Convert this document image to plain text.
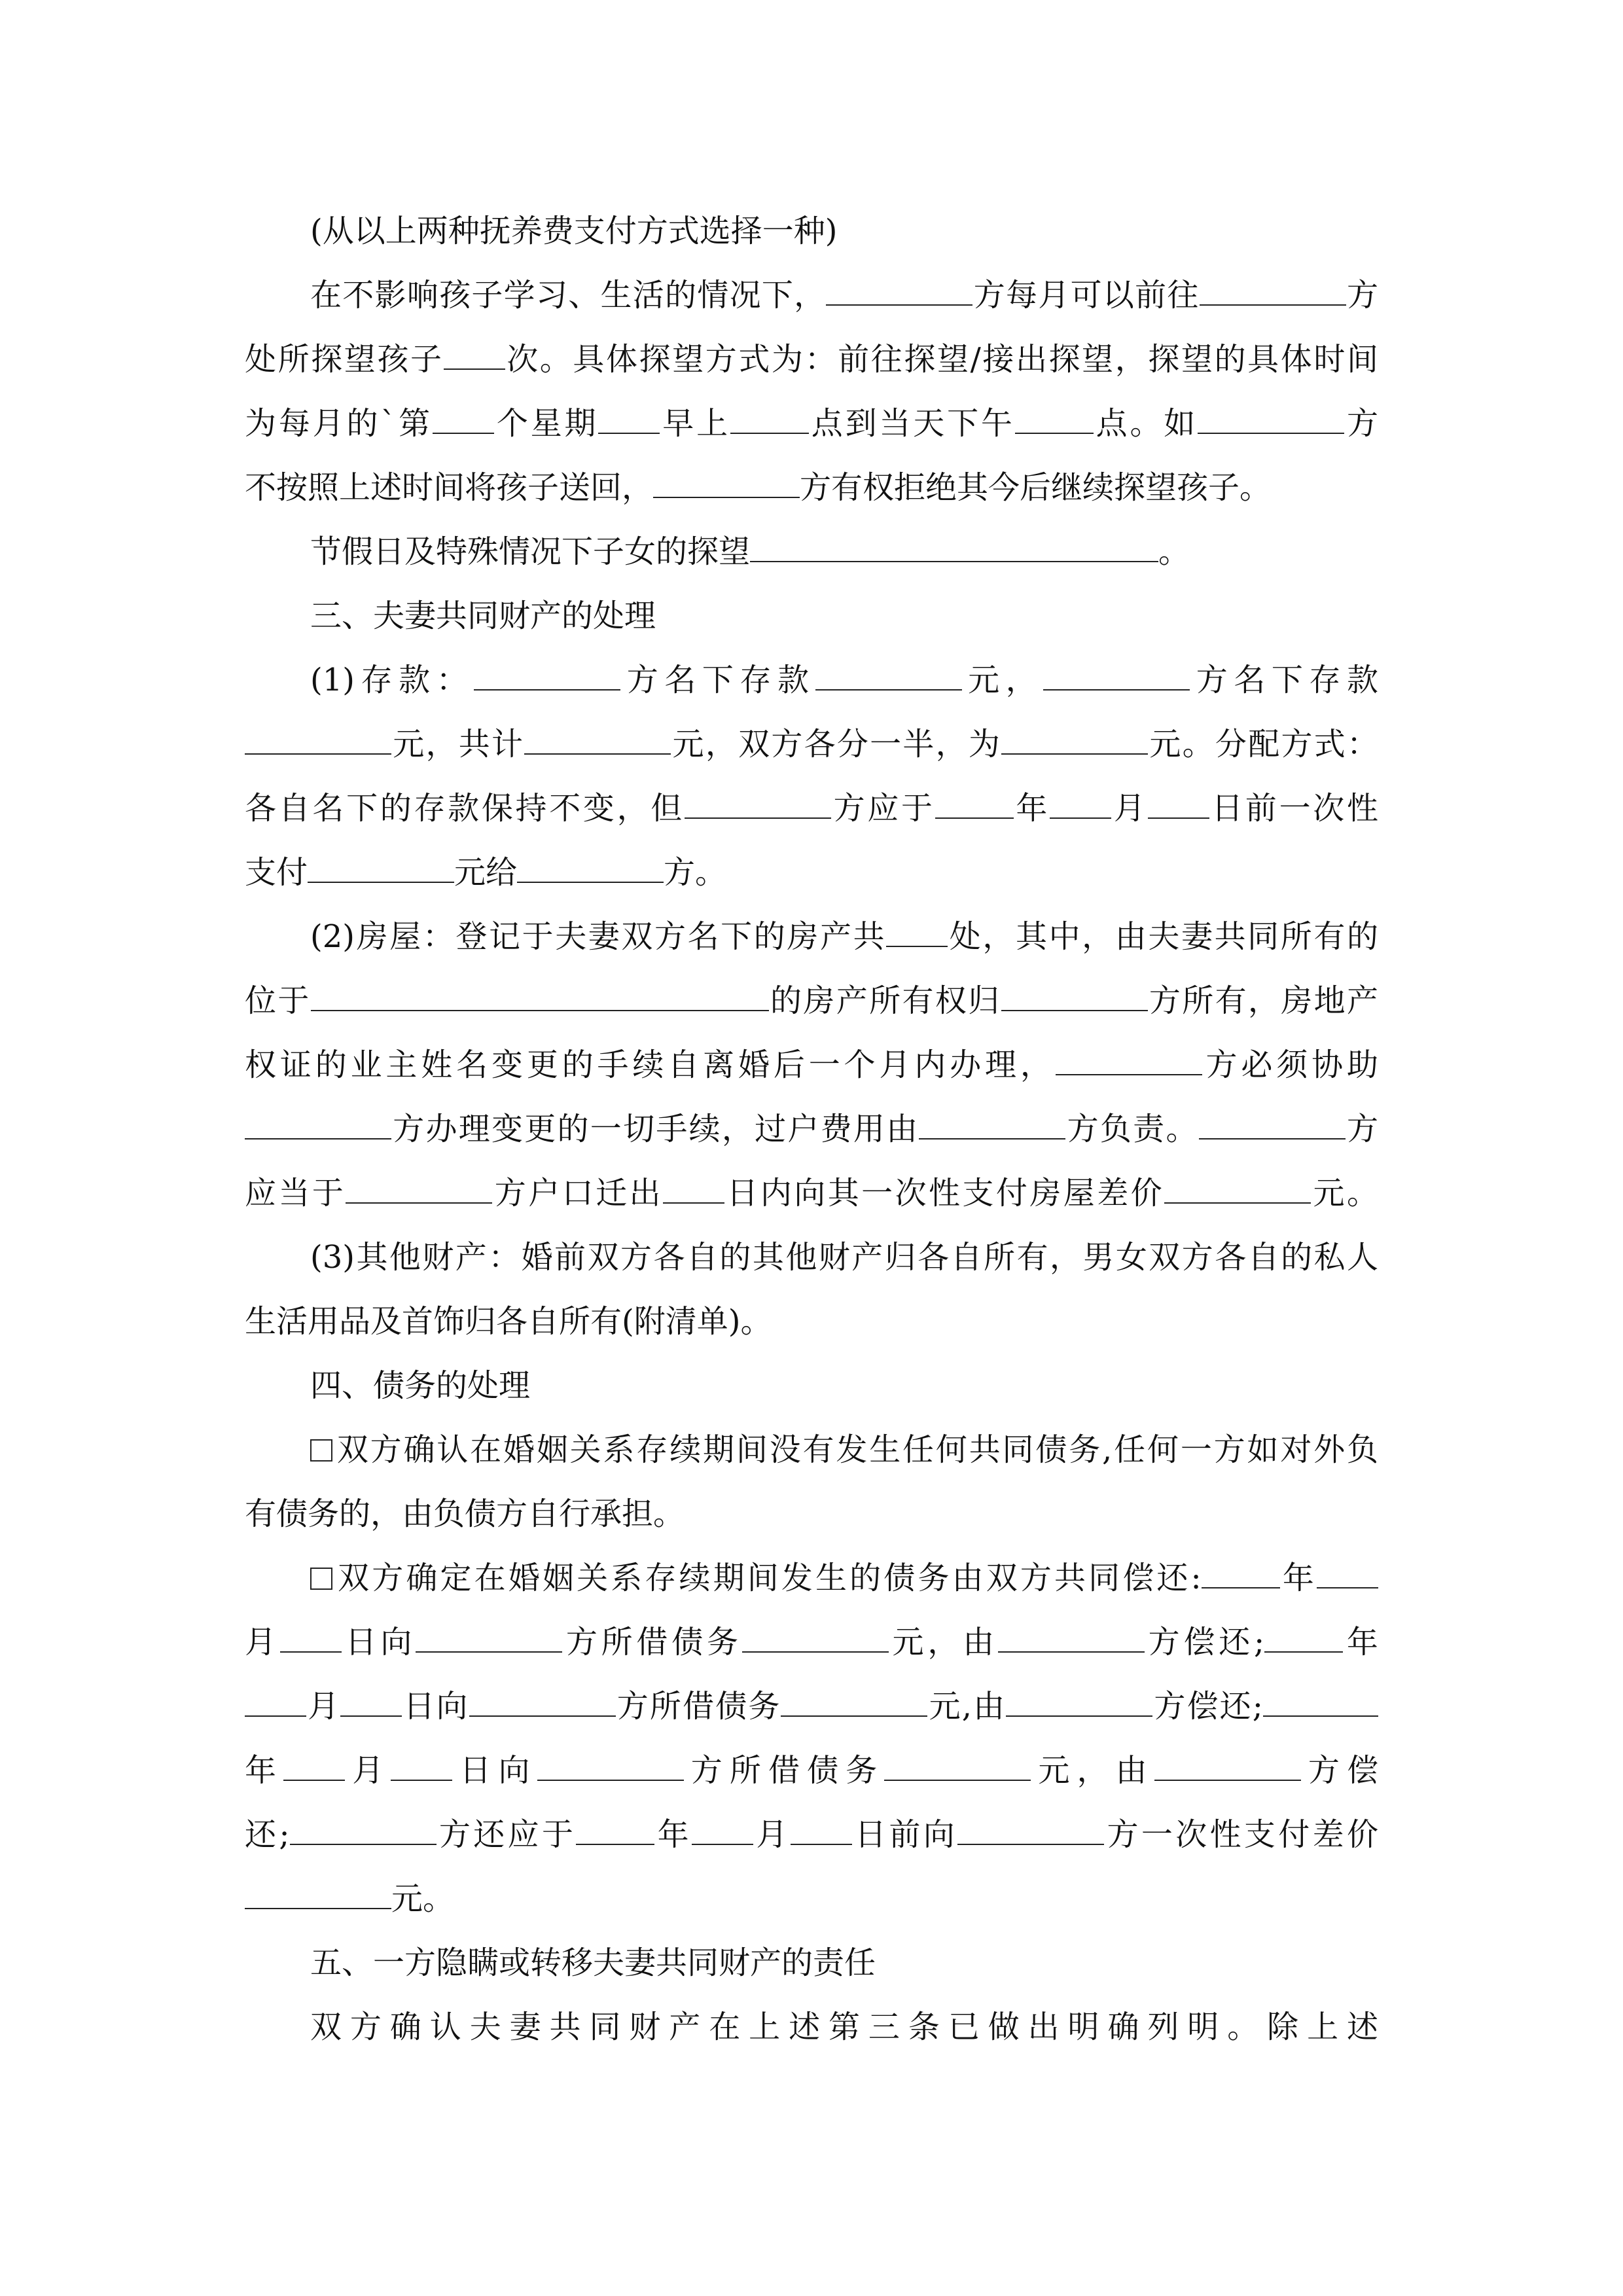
(从以上两种抚养费支付方式选择一种)
在不影响孩子学习、生活的情况下，	方每月可以前往	方
处所探望孩子 次。具体探望方式为：前往探望/接出探望，探望的具体时间
为每月的`第 个星期 早上	点到当天下午	点。如	方
不按照上述时间将孩子送回，	方有权拒绝其今后继续探望孩子。
节假日及特殊情况下子女的探望	。
三、夫妻共同财产的处理
(1)存款：	方名下存款	元，	方名下存款
元，共计	元，双方各分一半，为	元。分配方式：
各自名下的存款保持不变，但	方应于	年 月 日前一次性
支付	元给	方。
(2)房屋：登记于夫妻双方名下的房产共 处，其中，由夫妻共同所有的
位于	的房产所有权归	方所有，房地产
权证的业主姓名变更的手续自离婚后一个月内办理，	方必须协助
方办理变更的一切手续，过户费用由	方负责。	方
应当于	方户口迁出 日内向其一次性支付房屋差价	元。
(3)其他财产：婚前双方各自的其他财产归各自所有，男女双方各自的私人
生活用品及首饰归各自所有(附清单)。
四、债务的处理
双方确认在婚姻关系存续期间没有发生任何共同债务,任何一方如对外负
有债务的，由负债方自行承担。
双方确定在婚姻关系存续期间发生的债务由双方共同偿还:	年
月 日向	方所借债务	元，由	方偿还;	年
月 日向	方所借债务	元,由	方偿还;
年 月 日向	方所借债务	元，由	方偿
还;	方还应于	年 月 日前向	方一次性支付差价
元。
五、一方隐瞒或转移夫妻共同财产的责任
双方确认夫妻共同财产在上述第三条已做出明确列明。除上述
